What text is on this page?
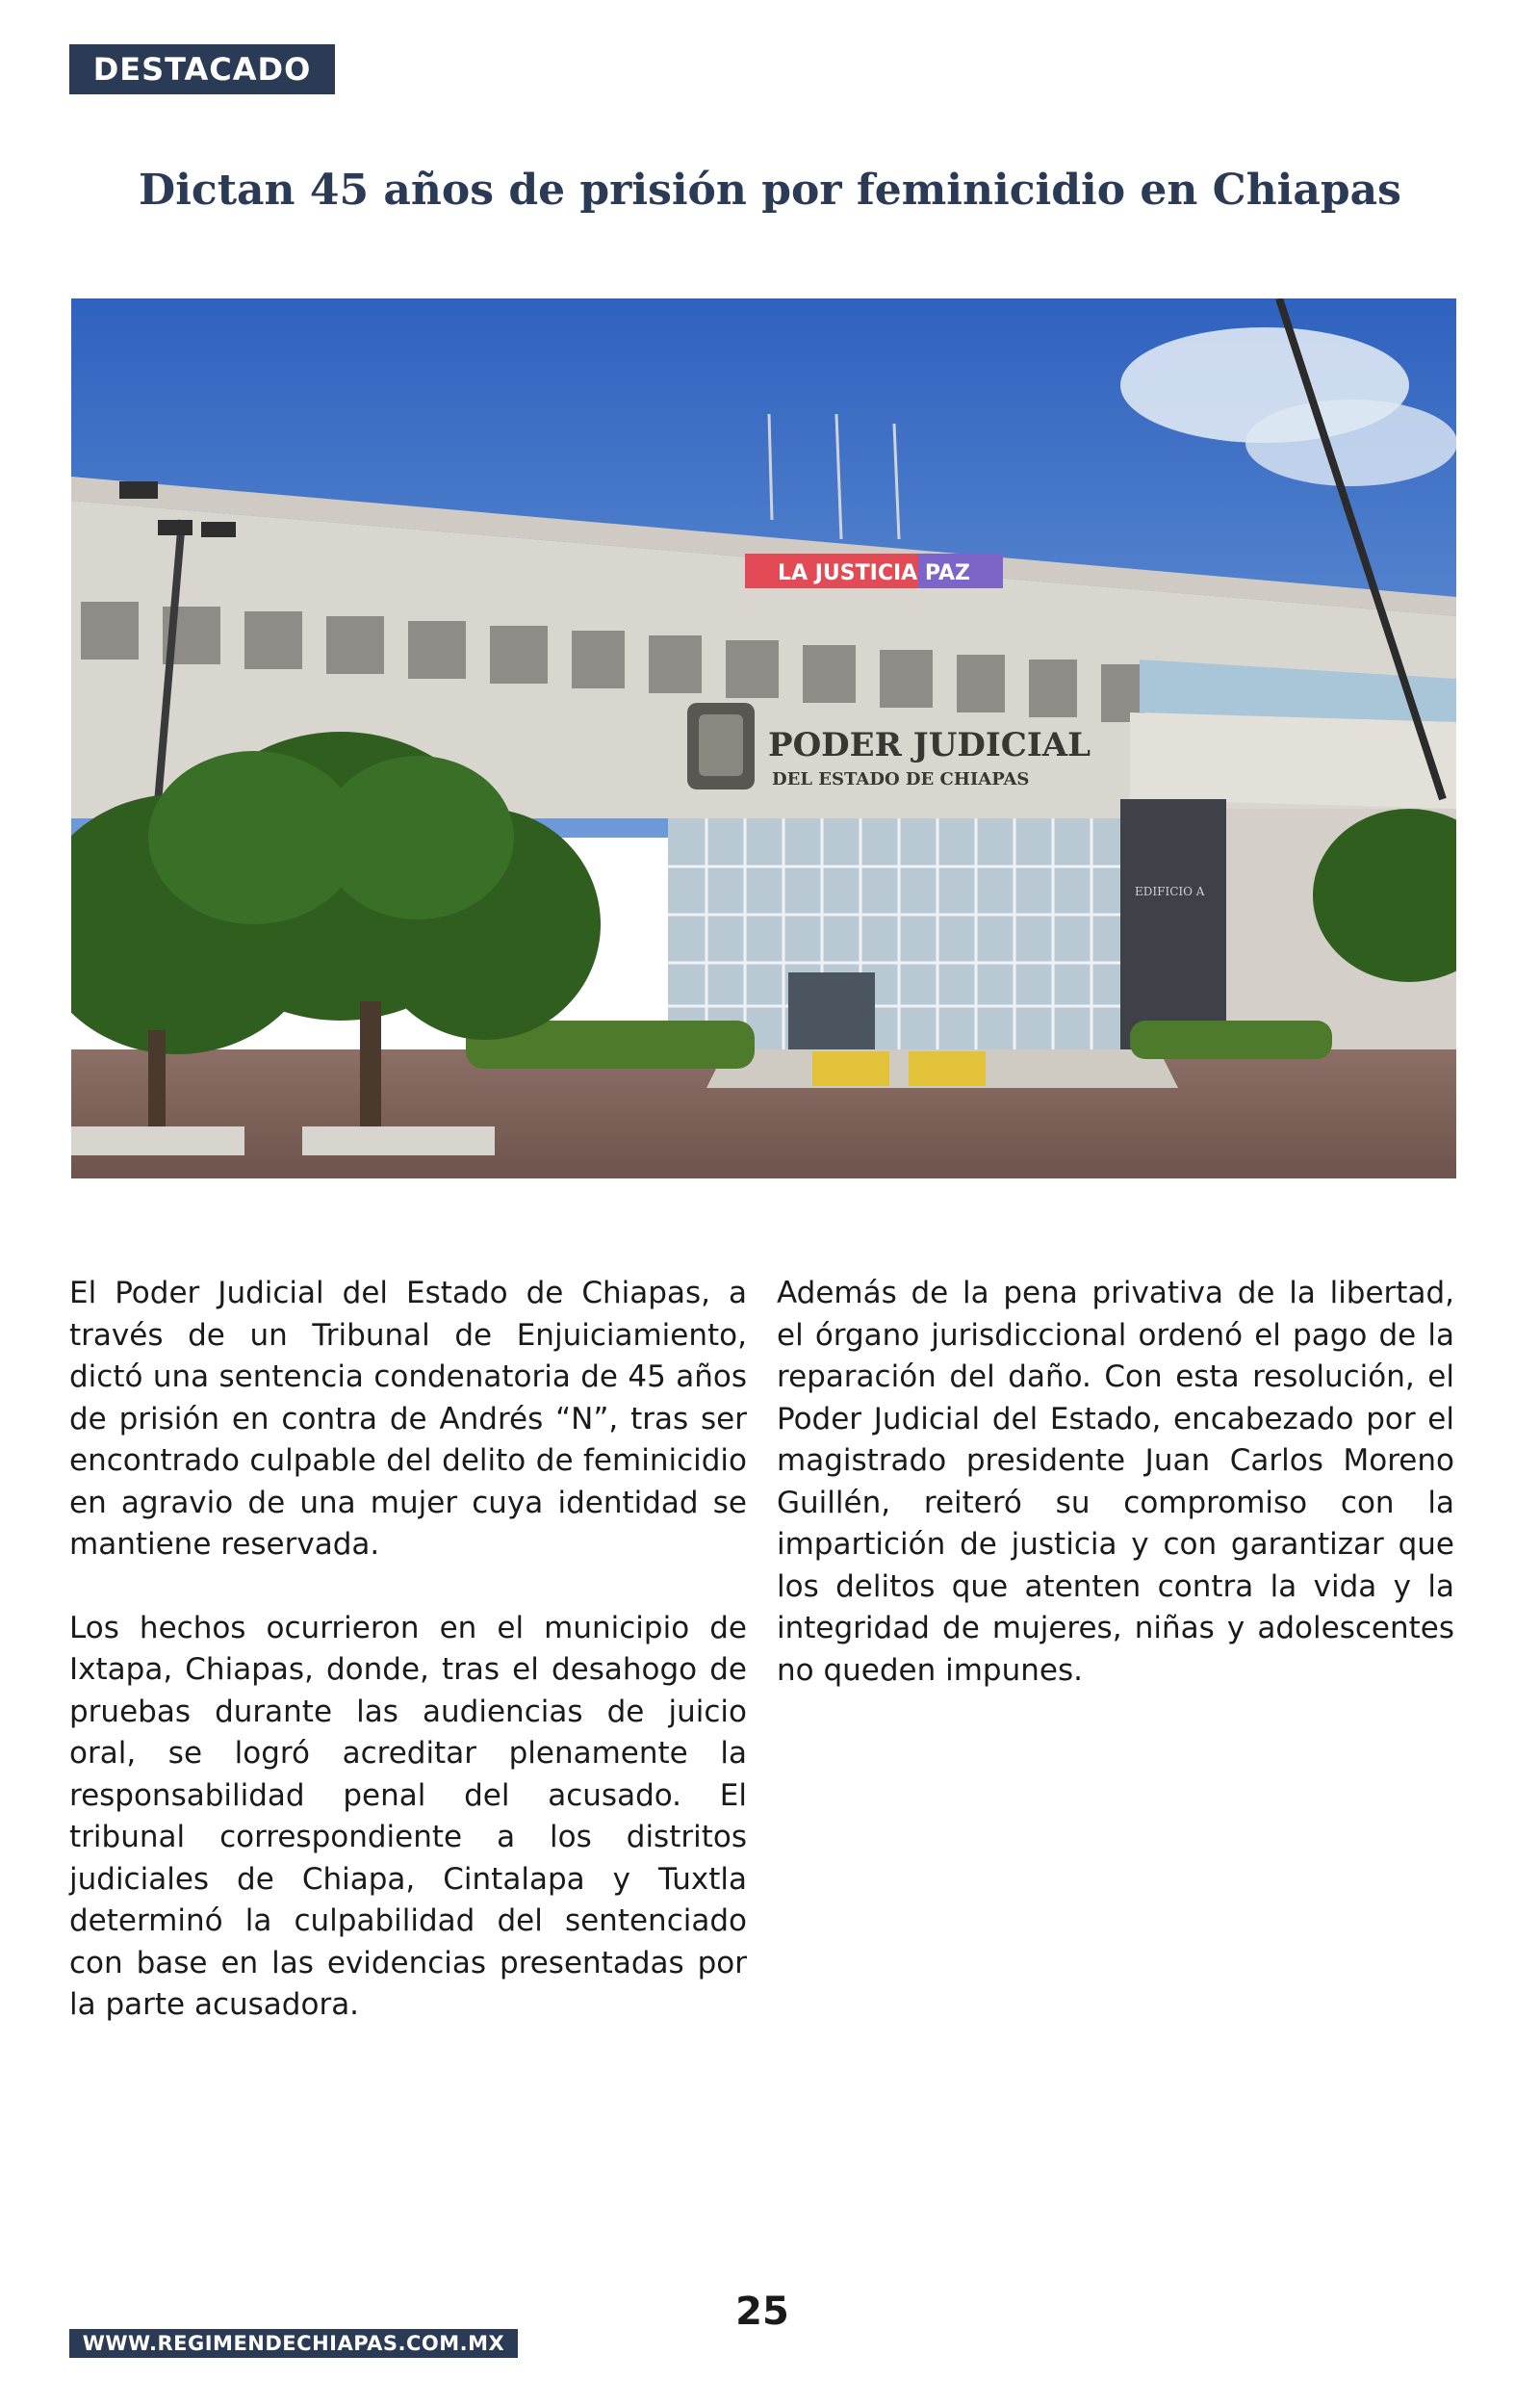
DESTACADO
Dictan 45 años de prisión por feminicidio en Chiapas
LA JUSTICIA PAZ
PODER JUDICIAL
DEL ESTADO DE CHIAPAS
EDIFICIO A

El Poder Judicial del Estado de Chiapas, a través de un Tribunal de Enjuiciamiento, dictó una sentencia condenatoria de 45 años de prisión en contra de Andrés “N”, tras ser encontrado culpable del delito de feminicidio en agravio de una mujer cuya identidad se mantiene reservada.

Los hechos ocurrieron en el municipio de Ixtapa, Chiapas, donde, tras el desahogo de pruebas durante las audiencias de juicio oral, se logró acreditar plenamente la responsabilidad penal del acusado. El tribunal correspondiente a los distritos judiciales de Chiapa, Cintalapa y Tuxtla determinó la culpabilidad del sentenciado con base en las evidencias presentadas por la parte acusadora.

Además de la pena privativa de la libertad, el órgano jurisdiccional ordenó el pago de la reparación del daño. Con esta resolución, el Poder Judicial del Estado, encabezado por el magistrado presidente Juan Carlos Moreno Guillén, reiteró su compromiso con la impartición de justicia y con garantizar que los delitos que atenten contra la vida y la integridad de mujeres, niñas y adolescentes no queden impunes.

25
WWW.REGIMENDECHIAPAS.COM.MX
